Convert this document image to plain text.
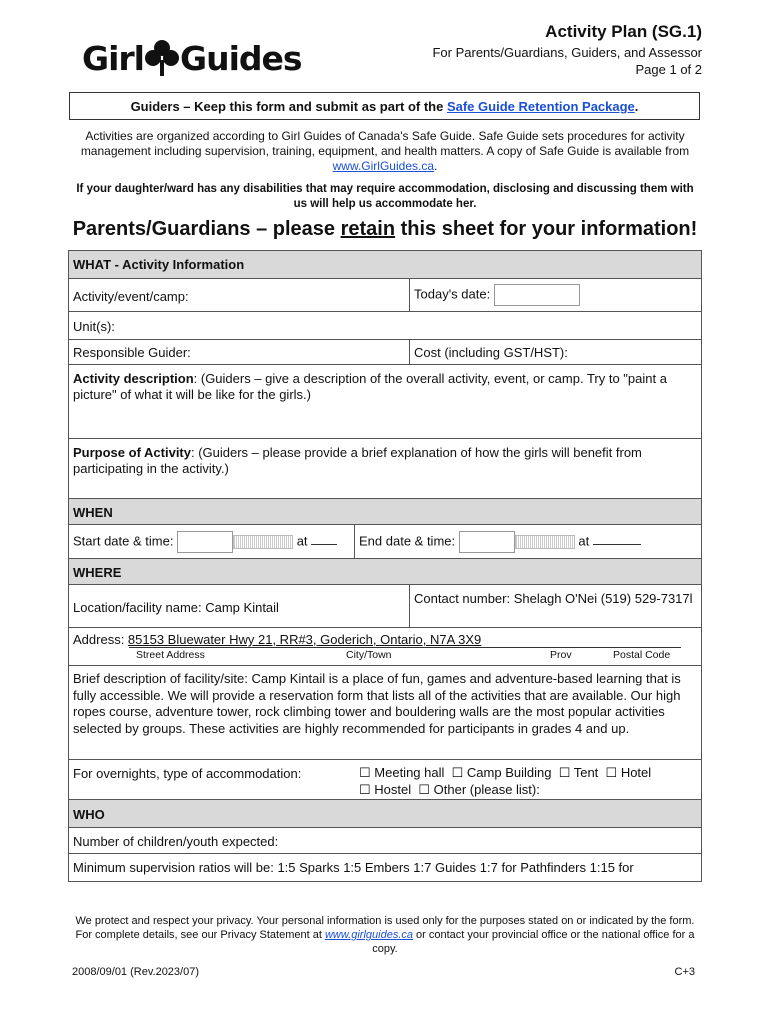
Girl Guides
Activity Plan (SG.1)
For Parents/Guardians, Guiders, and Assessor
Page 1 of 2
Guiders – Keep this form and submit as part of the Safe Guide Retention Package.
Activities are organized according to Girl Guides of Canada's Safe Guide. Safe Guide sets procedures for activity management including supervision, training, equipment, and health matters. A copy of Safe Guide is available from www.GirlGuides.ca.
If your daughter/ward has any disabilities that may require accommodation, disclosing and discussing them with us will help us accommodate her.
Parents/Guardians – please retain this sheet for your information!
WHAT - Activity Information
Activity/event/camp:	Today's date:
Unit(s):
Responsible Guider:	Cost (including GST/HST):
Activity description: (Guiders – give a description of the overall activity, event, or camp. Try to "paint a picture" of what it will be like for the girls.)
Purpose of Activity: (Guiders – please provide a brief explanation of how the girls will benefit from participating in the activity.)
WHEN
Start date & time:	at	End date & time:	at
WHERE
Location/facility name: Camp Kintail
Contact number: Shelagh O'Nei (519) 529-7317l
Address: 85153 Bluewater Hwy 21, RR#3, Goderich, Ontario, N7A 3X9
Street Address	City/Town	Prov	Postal Code
Brief description of facility/site: Camp Kintail is a place of fun, games and adventure-based learning that is fully accessible. We will provide a reservation form that lists all of the activities that are available. Our high ropes course, adventure tower, rock climbing tower and bouldering walls are the most popular activities selected by groups. These activities are highly recommended for participants in grades 4 and up.
For overnights, type of accommodation:	☐ Meeting hall ☐ Camp Building ☐ Tent ☐ Hotel
☐ Hostel ☐ Other (please list):
WHO
Number of children/youth expected:
Minimum supervision ratios will be: 1:5 Sparks 1:5 Embers 1:7 Guides 1:7 for Pathfinders 1:15 for
We protect and respect your privacy. Your personal information is used only for the purposes stated on or indicated by the form. For complete details, see our Privacy Statement at www.girlguides.ca or contact your provincial office or the national office for a copy.
2008/09/01 (Rev.2023/07)	C+3
